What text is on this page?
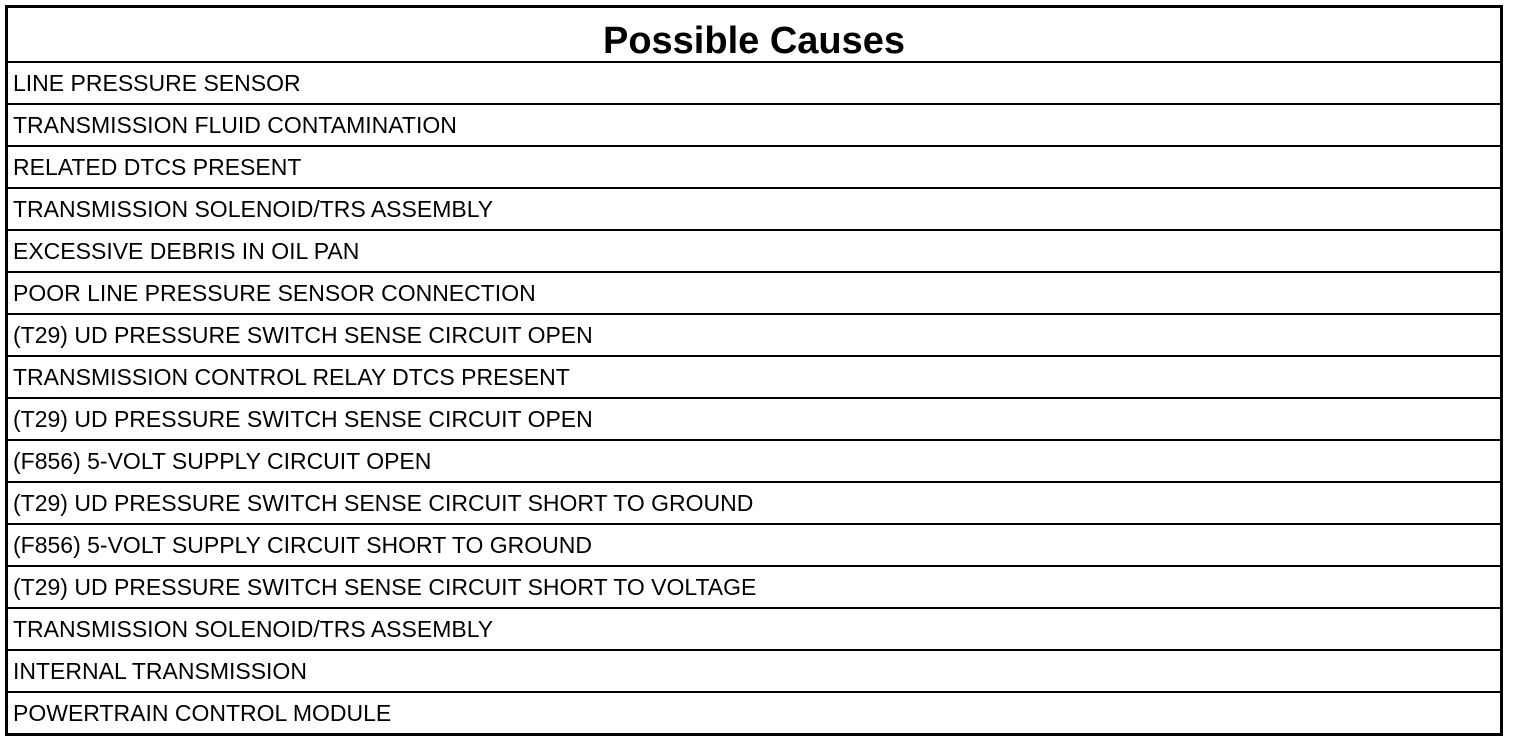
Possible Causes
LINE PRESSURE SENSOR
TRANSMISSION FLUID CONTAMINATION
RELATED DTCS PRESENT
TRANSMISSION SOLENOID/TRS ASSEMBLY
EXCESSIVE DEBRIS IN OIL PAN
POOR LINE PRESSURE SENSOR CONNECTION
(T29) UD PRESSURE SWITCH SENSE CIRCUIT OPEN
TRANSMISSION CONTROL RELAY DTCS PRESENT
(T29) UD PRESSURE SWITCH SENSE CIRCUIT OPEN
(F856) 5-VOLT SUPPLY CIRCUIT OPEN
(T29) UD PRESSURE SWITCH SENSE CIRCUIT SHORT TO GROUND
(F856) 5-VOLT SUPPLY CIRCUIT SHORT TO GROUND
(T29) UD PRESSURE SWITCH SENSE CIRCUIT SHORT TO VOLTAGE
TRANSMISSION SOLENOID/TRS ASSEMBLY
INTERNAL TRANSMISSION
POWERTRAIN CONTROL MODULE
